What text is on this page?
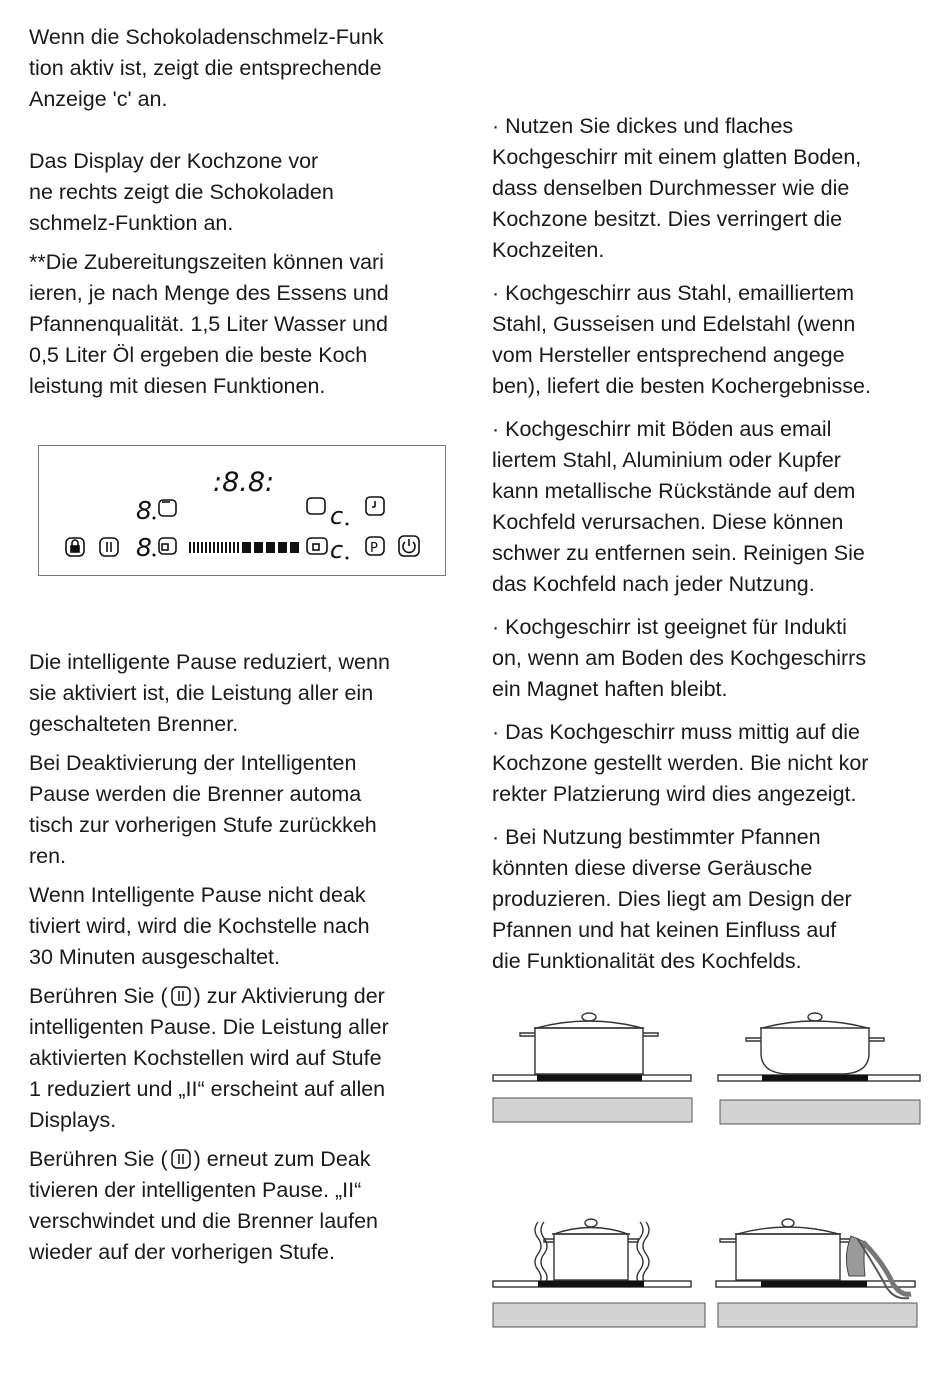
Wenn die Schokoladenschmelz-Funk
tion aktiv ist, zeigt die entsprechende
Anzeige 'c' an.

Das Display der Kochzone vor
ne rechts zeigt die Schokoladen
schmelz-Funktion an.

**Die Zubereitungszeiten können vari
ieren, je nach Menge des Essens und
Pfannenqualität. 1,5 Liter Wasser und
0,5 Liter Öl ergeben die beste Koch
leistung mit diesen Funktionen.

:8.8:
8	c
8	c P

Die intelligente Pause reduziert, wenn
sie aktiviert ist, die Leistung aller ein
geschalteten Brenner.

Bei Deaktivierung der Intelligenten
Pause werden die Brenner automa
tisch zur vorherigen Stufe zurückkeh
ren.

Wenn Intelligente Pause nicht deak
tiviert wird, wird die Kochstelle nach
30 Minuten ausgeschaltet.

Berühren Sie ( ) zur Aktivierung der
intelligenten Pause. Die Leistung aller
aktivierten Kochstellen wird auf Stufe
1 reduziert und „II“ erscheint auf allen
Displays.

Berühren Sie ( ) erneut zum Deak
tivieren der intelligenten Pause. „II“
verschwindet und die Brenner laufen
wieder auf der vorherigen Stufe.

· Nutzen Sie dickes und flaches
Kochgeschirr mit einem glatten Boden,
dass denselben Durchmesser wie die
Kochzone besitzt. Dies verringert die
Kochzeiten.

· Kochgeschirr aus Stahl, emailliertem
Stahl, Gusseisen und Edelstahl (wenn
vom Hersteller entsprechend angege
ben), liefert die besten Kochergebnisse.

· Kochgeschirr mit Böden aus email
liertem Stahl, Aluminium oder Kupfer
kann metallische Rückstände auf dem
Kochfeld verursachen. Diese können
schwer zu entfernen sein. Reinigen Sie
das Kochfeld nach jeder Nutzung.

· Kochgeschirr ist geeignet für Indukti
on, wenn am Boden des Kochgeschirrs
ein Magnet haften bleibt.

· Das Kochgeschirr muss mittig auf die
Kochzone gestellt werden. Bie nicht kor
rekter Platzierung wird dies angezeigt.

· Bei Nutzung bestimmter Pfannen
könnten diese diverse Geräusche
produzieren. Dies liegt am Design der
Pfannen und hat keinen Einfluss auf
die Funktionalität des Kochfelds.
